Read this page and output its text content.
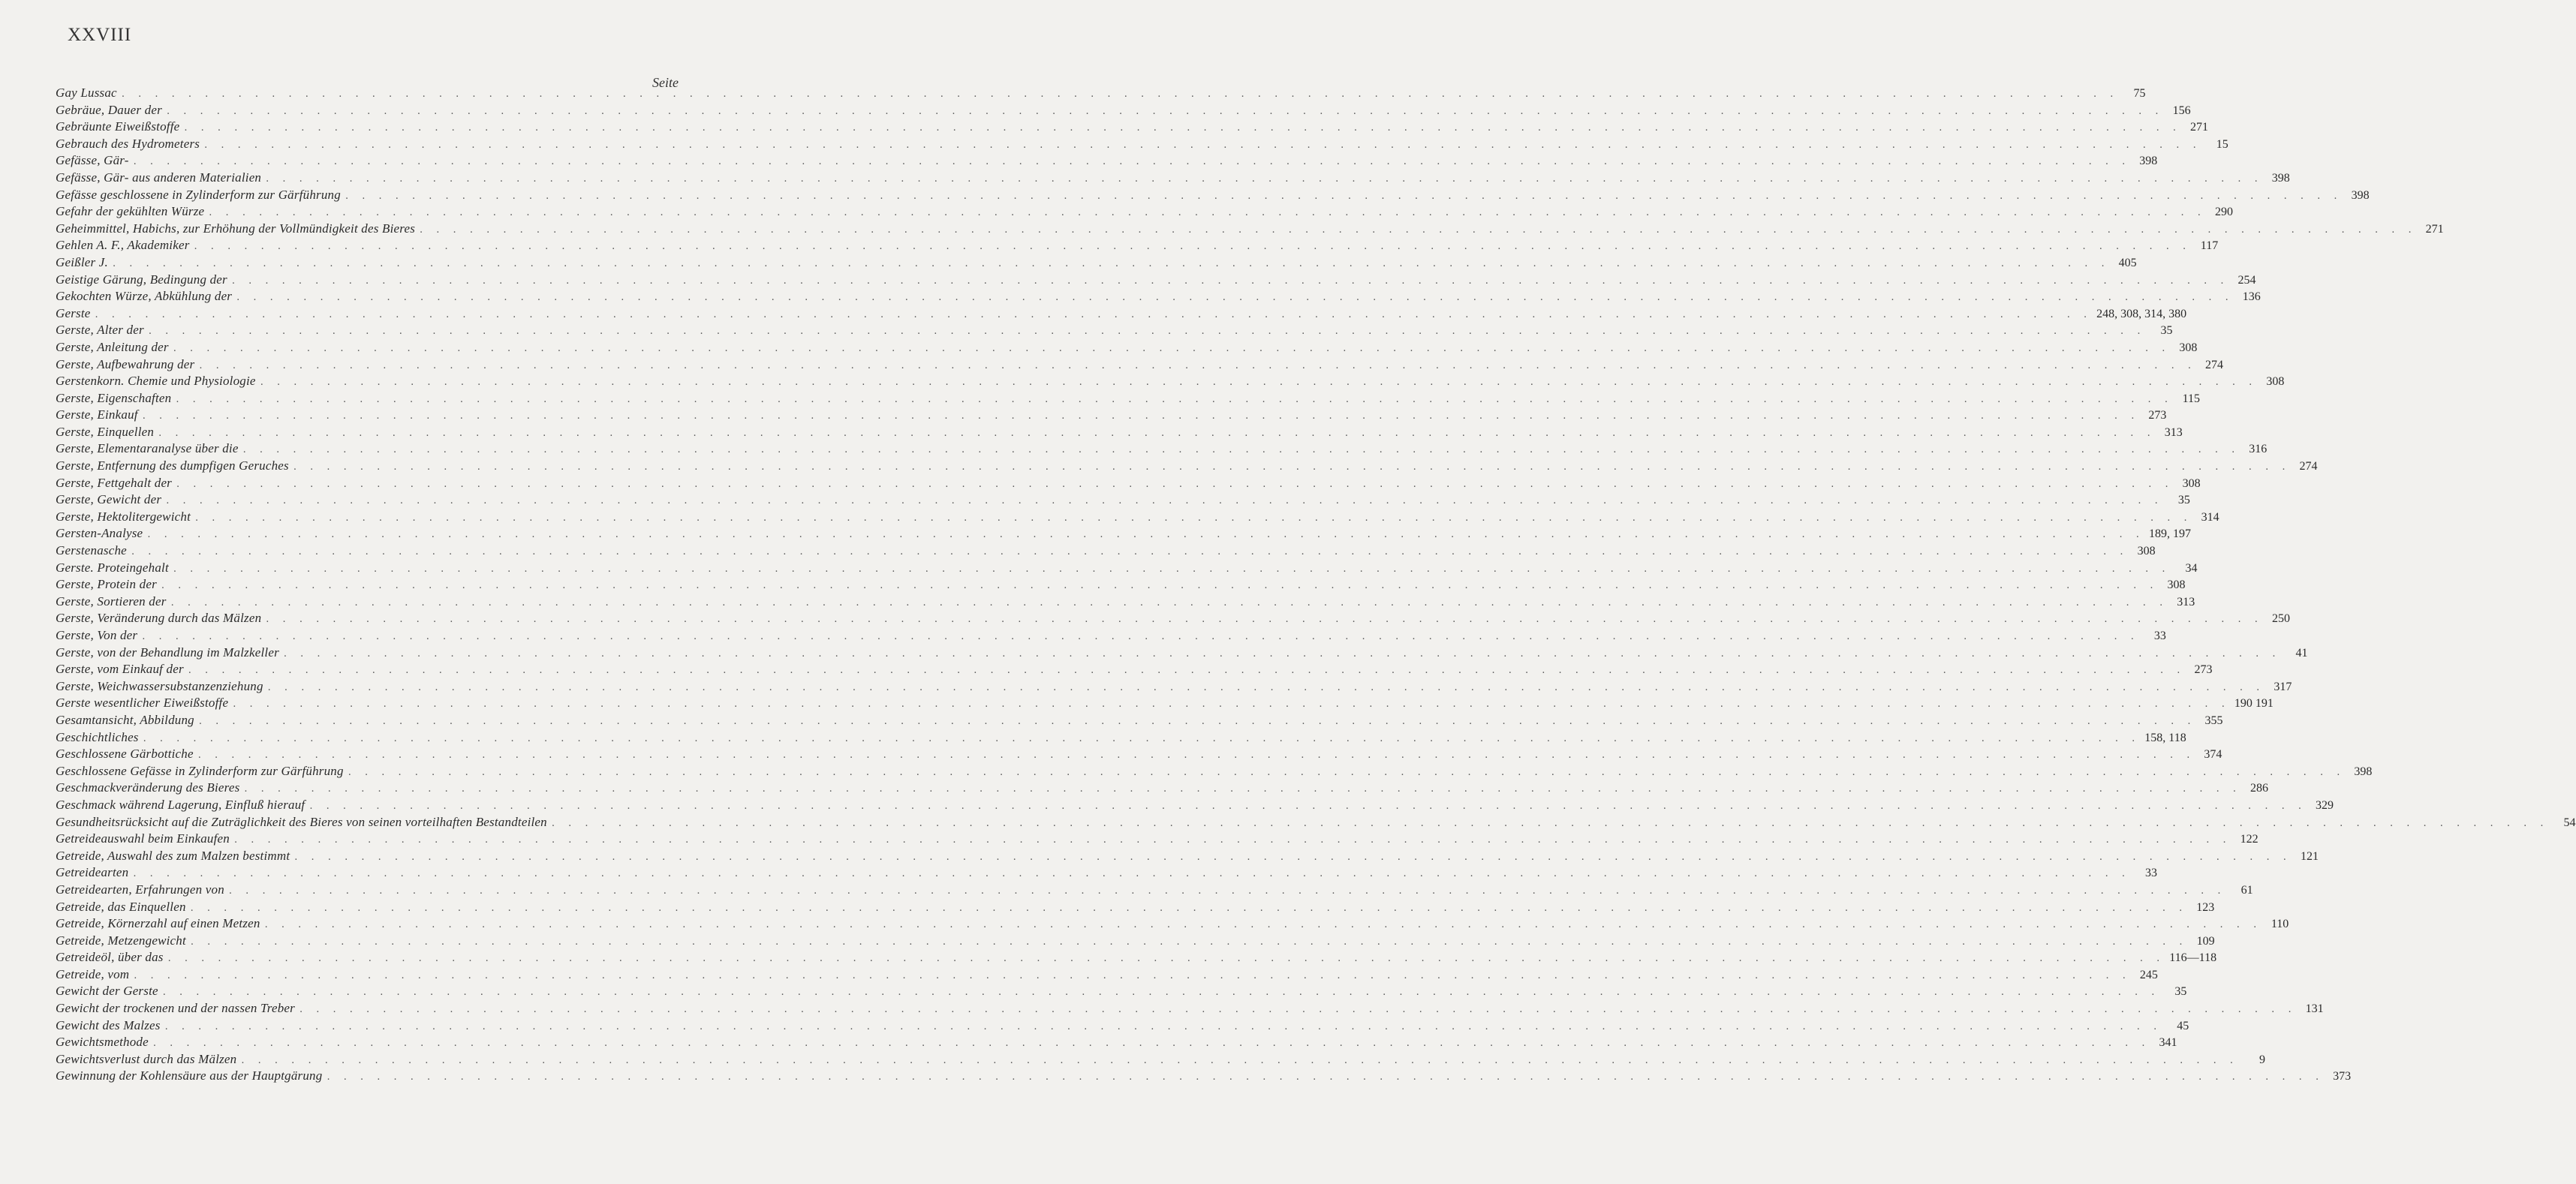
XXVIII
Seite
Gay Lussac . . . . . . . . . . . . . . . . . . . . . . . . . . . . . . . . . . . . . . . . . . . . . . . . . . . . . . . . . . . . . . . . . . . . . . . . . . . . . . . . . . . . . . . . . . . . . . . . . . . . . . . . . . . . . . . . . . . . . . . .	75
Gebräue, Dauer der . . . . . . . . . . . . . . . . . . . . . . . . . . . . . . . . . . . . . . . . . . . . . . . . . . . . . . . . . . . . . . . . . . . . . . . . . . . . . . . . . . . . . . . . . . . . . . . . . . . . . . . . . . . . . . . . . . . . . . . . 156
Gebräunte Eiweißstoffe . . . . . . . . . . . . . . . . . . . . . . . . . . . . . . . . . . . . . . . . . . . . . . . . . . . . . . . . . . . . . . . . . . . . . . . . . . . . . . . . . . . . . . . . . . . . . . . . . . . . . . . . . . . . . . . . . . . . . . . . 271
Gebrauch des Hydrometers . . . . . . . . . . . . . . . . . . . . . . . . . . . . . . . . . . . . . . . . . . . . . . . . . . . . . . . . . . . . . . . . . . . . . . . . . . . . . . . . . . . . . . . . . . . . . . . . . . . . . . . . . . . . . . . . . . . . . . . .	15
Gefässe, Gär- . . . . . . . . . . . . . . . . . . . . . . . . . . . . . . . . . . . . . . . . . . . . . . . . . . . . . . . . . . . . . . . . . . . . . . . . . . . . . . . . . . . . . . . . . . . . . . . . . . . . . . . . . . . . . . . . . . . . . . . . 398
Gefässe, Gär- aus anderen Materialien . . . . . . . . . . . . . . . . . . . . . . . . . . . . . . . . . . . . . . . . . . . . . . . . . . . . . . . . . . . . . . . . . . . . . . . . . . . . . . . . . . . . . . . . . . . . . . . . . . . . . . . . . . . . . . . . . . . . . . . . 398
Gefässe geschlossene in Zylinderform zur Gärführung . . . . . . . . . . . . . . . . . . . . . . . . . . . . . . . . . . . . . . . . . . . . . . . . . . . . . . . . . . . . . . . . . . . . . . . . . . . . . . . . . . . . . . . . . . . . . . . . . . . . . . . . . . . . . . . . . . . . . . . . 398
Gefahr der gekühlten Würze . . . . . . . . . . . . . . . . . . . . . . . . . . . . . . . . . . . . . . . . . . . . . . . . . . . . . . . . . . . . . . . . . . . . . . . . . . . . . . . . . . . . . . . . . . . . . . . . . . . . . . . . . . . . . . . . . . . . . . . . 290
Geheimmittel, Habichs, zur Erhöhung der Vollmündigkeit des Bieres . . . . . . . . . . . . . . . . . . . . . . . . . . . . . . . . . . . . . . . . . . . . . . . . . . . . . . . . . . . . . . . . . . . . . . . . . . . . . . . . . . . . . . . . . . . . . . . . . . . . . . . . . . . . . . . . . . . . . . . . 271
Gehlen A. F., Akademiker . . . . . . . . . . . . . . . . . . . . . . . . . . . . . . . . . . . . . . . . . . . . . . . . . . . . . . . . . . . . . . . . . . . . . . . . . . . . . . . . . . . . . . . . . . . . . . . . . . . . . . . . . . . . . . . . . . . . . . . . 117
Geißler J. . . . . . . . . . . . . . . . . . . . . . . . . . . . . . . . . . . . . . . . . . . . . . . . . . . . . . . . . . . . . . . . . . . . . . . . . . . . . . . . . . . . . . . . . . . . . . . . . . . . . . . . . . . . . . . . . . . . . . . . . 405
Geistige Gärung, Bedingung der . . . . . . . . . . . . . . . . . . . . . . . . . . . . . . . . . . . . . . . . . . . . . . . . . . . . . . . . . . . . . . . . . . . . . . . . . . . . . . . . . . . . . . . . . . . . . . . . . . . . . . . . . . . . . . . . . . . . . . . . 254
Gekochten Würze, Abkühlung der . . . . . . . . . . . . . . . . . . . . . . . . . . . . . . . . . . . . . . . . . . . . . . . . . . . . . . . . . . . . . . . . . . . . . . . . . . . . . . . . . . . . . . . . . . . . . . . . . . . . . . . . . . . . . . . . . . . . . . . . 136
Gerste . . . . . . . . . . . . . . . . . . . . . . . . . . . . . . . . . . . . . . . . . . . . . . . . . . . . . . . . . . . . . . . . . . . . . . . . . . . . . . . . . . . . . . . . . . . . . . . . . . . . . . . . . . . . . . . . . . . . . . . . 248, 308, 314, 380
Gerste, Alter der . . . . . . . . . . . . . . . . . . . . . . . . . . . . . . . . . . . . . . . . . . . . . . . . . . . . . . . . . . . . . . . . . . . . . . . . . . . . . . . . . . . . . . . . . . . . . . . . . . . . . . . . . . . . . . . . . . . . . . . .	35
Gerste, Anleitung der . . . . . . . . . . . . . . . . . . . . . . . . . . . . . . . . . . . . . . . . . . . . . . . . . . . . . . . . . . . . . . . . . . . . . . . . . . . . . . . . . . . . . . . . . . . . . . . . . . . . . . . . . . . . . . . . . . . . . . . . 308
Gerste, Aufbewahrung der . . . . . . . . . . . . . . . . . . . . . . . . . . . . . . . . . . . . . . . . . . . . . . . . . . . . . . . . . . . . . . . . . . . . . . . . . . . . . . . . . . . . . . . . . . . . . . . . . . . . . . . . . . . . . . . . . . . . . . . . 274
Gerstenkorn. Chemie und Physiologie . . . . . . . . . . . . . . . . . . . . . . . . . . . . . . . . . . . . . . . . . . . . . . . . . . . . . . . . . . . . . . . . . . . . . . . . . . . . . . . . . . . . . . . . . . . . . . . . . . . . . . . . . . . . . . . . . . . . . . . . 308
Gerste, Eigenschaften . . . . . . . . . . . . . . . . . . . . . . . . . . . . . . . . . . . . . . . . . . . . . . . . . . . . . . . . . . . . . . . . . . . . . . . . . . . . . . . . . . . . . . . . . . . . . . . . . . . . . . . . . . . . . . . . . . . . . . . . 115
Gerste, Einkauf . . . . . . . . . . . . . . . . . . . . . . . . . . . . . . . . . . . . . . . . . . . . . . . . . . . . . . . . . . . . . . . . . . . . . . . . . . . . . . . . . . . . . . . . . . . . . . . . . . . . . . . . . . . . . . . . . . . . . . . . 273
Gerste, Einquellen . . . . . . . . . . . . . . . . . . . . . . . . . . . . . . . . . . . . . . . . . . . . . . . . . . . . . . . . . . . . . . . . . . . . . . . . . . . . . . . . . . . . . . . . . . . . . . . . . . . . . . . . . . . . . . . . . . . . . . . . 313
Gerste, Elementaranalyse über die . . . . . . . . . . . . . . . . . . . . . . . . . . . . . . . . . . . . . . . . . . . . . . . . . . . . . . . . . . . . . . . . . . . . . . . . . . . . . . . . . . . . . . . . . . . . . . . . . . . . . . . . . . . . . . . . . . . . . . . . 316
Gerste, Entfernung des dumpfigen Geruches . . . . . . . . . . . . . . . . . . . . . . . . . . . . . . . . . . . . . . . . . . . . . . . . . . . . . . . . . . . . . . . . . . . . . . . . . . . . . . . . . . . . . . . . . . . . . . . . . . . . . . . . . . . . . . . . . . . . . . . . 274
Gerste, Fettgehalt der . . . . . . . . . . . . . . . . . . . . . . . . . . . . . . . . . . . . . . . . . . . . . . . . . . . . . . . . . . . . . . . . . . . . . . . . . . . . . . . . . . . . . . . . . . . . . . . . . . . . . . . . . . . . . . . . . . . . . . . . 308
Gerste, Gewicht der . . . . . . . . . . . . . . . . . . . . . . . . . . . . . . . . . . . . . . . . . . . . . . . . . . . . . . . . . . . . . . . . . . . . . . . . . . . . . . . . . . . . . . . . . . . . . . . . . . . . . . . . . . . . . . . . . . . . . . . .	35
Gerste, Hektolitergewicht . . . . . . . . . . . . . . . . . . . . . . . . . . . . . . . . . . . . . . . . . . . . . . . . . . . . . . . . . . . . . . . . . . . . . . . . . . . . . . . . . . . . . . . . . . . . . . . . . . . . . . . . . . . . . . . . . . . . . . . . 314
Gersten-Analyse . . . . . . . . . . . . . . . . . . . . . . . . . . . . . . . . . . . . . . . . . . . . . . . . . . . . . . . . . . . . . . . . . . . . . . . . . . . . . . . . . . . . . . . . . . . . . . . . . . . . . . . . . . . . . . . . . . . . . . . . 189, 197
Gerstenasche . . . . . . . . . . . . . . . . . . . . . . . . . . . . . . . . . . . . . . . . . . . . . . . . . . . . . . . . . . . . . . . . . . . . . . . . . . . . . . . . . . . . . . . . . . . . . . . . . . . . . . . . . . . . . . . . . . . . . . . . 308
Gerste. Proteingehalt . . . . . . . . . . . . . . . . . . . . . . . . . . . . . . . . . . . . . . . . . . . . . . . . . . . . . . . . . . . . . . . . . . . . . . . . . . . . . . . . . . . . . . . . . . . . . . . . . . . . . . . . . . . . . . . . . . . . . . . .	34
Gerste, Protein der . . . . . . . . . . . . . . . . . . . . . . . . . . . . . . . . . . . . . . . . . . . . . . . . . . . . . . . . . . . . . . . . . . . . . . . . . . . . . . . . . . . . . . . . . . . . . . . . . . . . . . . . . . . . . . . . . . . . . . . . 308
Gerste, Sortieren der . . . . . . . . . . . . . . . . . . . . . . . . . . . . . . . . . . . . . . . . . . . . . . . . . . . . . . . . . . . . . . . . . . . . . . . . . . . . . . . . . . . . . . . . . . . . . . . . . . . . . . . . . . . . . . . . . . . . . . . . 313
Gerste, Veränderung durch das Mälzen . . . . . . . . . . . . . . . . . . . . . . . . . . . . . . . . . . . . . . . . . . . . . . . . . . . . . . . . . . . . . . . . . . . . . . . . . . . . . . . . . . . . . . . . . . . . . . . . . . . . . . . . . . . . . . . . . . . . . . . . 250
Gerste, Von der . . . . . . . . . . . . . . . . . . . . . . . . . . . . . . . . . . . . . . . . . . . . . . . . . . . . . . . . . . . . . . . . . . . . . . . . . . . . . . . . . . . . . . . . . . . . . . . . . . . . . . . . . . . . . . . . . . . . . . . .	33
Gerste, von der Behandlung im Malzkeller . . . . . . . . . . . . . . . . . . . . . . . . . . . . . . . . . . . . . . . . . . . . . . . . . . . . . . . . . . . . . . . . . . . . . . . . . . . . . . . . . . . . . . . . . . . . . . . . . . . . . . . . . . . . . . . . . . . . . . . .	41
Gerste, vom Einkauf der . . . . . . . . . . . . . . . . . . . . . . . . . . . . . . . . . . . . . . . . . . . . . . . . . . . . . . . . . . . . . . . . . . . . . . . . . . . . . . . . . . . . . . . . . . . . . . . . . . . . . . . . . . . . . . . . . . . . . . . . 273
Gerste, Weichwassersubstanzenziehung . . . . . . . . . . . . . . . . . . . . . . . . . . . . . . . . . . . . . . . . . . . . . . . . . . . . . . . . . . . . . . . . . . . . . . . . . . . . . . . . . . . . . . . . . . . . . . . . . . . . . . . . . . . . . . . . . . . . . . . . 317
Gerste wesentlicher Eiweißstoffe . . . . . . . . . . . . . . . . . . . . . . . . . . . . . . . . . . . . . . . . . . . . . . . . . . . . . . . . . . . . . . . . . . . . . . . . . . . . . . . . . . . . . . . . . . . . . . . . . . . . . . . . . . . . . . . . . . . . . . . . 190 191
Gesamtansicht, Abbildung . . . . . . . . . . . . . . . . . . . . . . . . . . . . . . . . . . . . . . . . . . . . . . . . . . . . . . . . . . . . . . . . . . . . . . . . . . . . . . . . . . . . . . . . . . . . . . . . . . . . . . . . . . . . . . . . . . . . . . . . 355
Geschichtliches . . . . . . . . . . . . . . . . . . . . . . . . . . . . . . . . . . . . . . . . . . . . . . . . . . . . . . . . . . . . . . . . . . . . . . . . . . . . . . . . . . . . . . . . . . . . . . . . . . . . . . . . . . . . . . . . . . . . . . . . 158, 118
Geschlossene Gärbottiche . . . . . . . . . . . . . . . . . . . . . . . . . . . . . . . . . . . . . . . . . . . . . . . . . . . . . . . . . . . . . . . . . . . . . . . . . . . . . . . . . . . . . . . . . . . . . . . . . . . . . . . . . . . . . . . . . . . . . . . . 374
Geschlossene Gefässe in Zylinderform zur Gärführung . . . . . . . . . . . . . . . . . . . . . . . . . . . . . . . . . . . . . . . . . . . . . . . . . . . . . . . . . . . . . . . . . . . . . . . . . . . . . . . . . . . . . . . . . . . . . . . . . . . . . . . . . . . . . . . . . . . . . . . . 398
Geschmackveränderung des Bieres . . . . . . . . . . . . . . . . . . . . . . . . . . . . . . . . . . . . . . . . . . . . . . . . . . . . . . . . . . . . . . . . . . . . . . . . . . . . . . . . . . . . . . . . . . . . . . . . . . . . . . . . . . . . . . . . . . . . . . . . 286
Geschmack während Lagerung, Einfluß hierauf . . . . . . . . . . . . . . . . . . . . . . . . . . . . . . . . . . . . . . . . . . . . . . . . . . . . . . . . . . . . . . . . . . . . . . . . . . . . . . . . . . . . . . . . . . . . . . . . . . . . . . . . . . . . . . . . . . . . . . . . 329
Gesundheitsrücksicht auf die Zuträglichkeit des Bieres von seinen vorteilhaften Bestandteilen . . . . . . . . . . . . . . . . . . . . . . . . . . . . . . . . . . . . . . . . . . . . . . . . . . . . . . . . . . . . . . . . . . . . . . . . . . . . . . . . . . . . . . . . . . . . . . . . . . . . . . . . . . . . . . . . . . . . . . . .	54
Getreideauswahl beim Einkaufen . . . . . . . . . . . . . . . . . . . . . . . . . . . . . . . . . . . . . . . . . . . . . . . . . . . . . . . . . . . . . . . . . . . . . . . . . . . . . . . . . . . . . . . . . . . . . . . . . . . . . . . . . . . . . . . . . . . . . . . . 122
Getreide, Auswahl des zum Malzen bestimmt . . . . . . . . . . . . . . . . . . . . . . . . . . . . . . . . . . . . . . . . . . . . . . . . . . . . . . . . . . . . . . . . . . . . . . . . . . . . . . . . . . . . . . . . . . . . . . . . . . . . . . . . . . . . . . . . . . . . . . . . 121
Getreidearten . . . . . . . . . . . . . . . . . . . . . . . . . . . . . . . . . . . . . . . . . . . . . . . . . . . . . . . . . . . . . . . . . . . . . . . . . . . . . . . . . . . . . . . . . . . . . . . . . . . . . . . . . . . . . . . . . . . . . . . .	33
Getreidearten, Erfahrungen von . . . . . . . . . . . . . . . . . . . . . . . . . . . . . . . . . . . . . . . . . . . . . . . . . . . . . . . . . . . . . . . . . . . . . . . . . . . . . . . . . . . . . . . . . . . . . . . . . . . . . . . . . . . . . . . . . . . . . . . .	61
Getreide, das Einquellen . . . . . . . . . . . . . . . . . . . . . . . . . . . . . . . . . . . . . . . . . . . . . . . . . . . . . . . . . . . . . . . . . . . . . . . . . . . . . . . . . . . . . . . . . . . . . . . . . . . . . . . . . . . . . . . . . . . . . . . . 123
Getreide, Körnerzahl auf einen Metzen . . . . . . . . . . . . . . . . . . . . . . . . . . . . . . . . . . . . . . . . . . . . . . . . . . . . . . . . . . . . . . . . . . . . . . . . . . . . . . . . . . . . . . . . . . . . . . . . . . . . . . . . . . . . . . . . . . . . . . . . 110
Getreide, Metzengewicht . . . . . . . . . . . . . . . . . . . . . . . . . . . . . . . . . . . . . . . . . . . . . . . . . . . . . . . . . . . . . . . . . . . . . . . . . . . . . . . . . . . . . . . . . . . . . . . . . . . . . . . . . . . . . . . . . . . . . . . . 109
Getreideöl, über das . . . . . . . . . . . . . . . . . . . . . . . . . . . . . . . . . . . . . . . . . . . . . . . . . . . . . . . . . . . . . . . . . . . . . . . . . . . . . . . . . . . . . . . . . . . . . . . . . . . . . . . . . . . . . . . . . . . . . . . . 116—118
Getreide, vom . . . . . . . . . . . . . . . . . . . . . . . . . . . . . . . . . . . . . . . . . . . . . . . . . . . . . . . . . . . . . . . . . . . . . . . . . . . . . . . . . . . . . . . . . . . . . . . . . . . . . . . . . . . . . . . . . . . . . . . . 245
Gewicht der Gerste . . . . . . . . . . . . . . . . . . . . . . . . . . . . . . . . . . . . . . . . . . . . . . . . . . . . . . . . . . . . . . . . . . . . . . . . . . . . . . . . . . . . . . . . . . . . . . . . . . . . . . . . . . . . . . . . . . . . . . . .	35
Gewicht der trockenen und der nassen Treber . . . . . . . . . . . . . . . . . . . . . . . . . . . . . . . . . . . . . . . . . . . . . . . . . . . . . . . . . . . . . . . . . . . . . . . . . . . . . . . . . . . . . . . . . . . . . . . . . . . . . . . . . . . . . . . . . . . . . . . . 131
Gewicht des Malzes . . . . . . . . . . . . . . . . . . . . . . . . . . . . . . . . . . . . . . . . . . . . . . . . . . . . . . . . . . . . . . . . . . . . . . . . . . . . . . . . . . . . . . . . . . . . . . . . . . . . . . . . . . . . . . . . . . . . . . . .	45
Gewichtsmethode . . . . . . . . . . . . . . . . . . . . . . . . . . . . . . . . . . . . . . . . . . . . . . . . . . . . . . . . . . . . . . . . . . . . . . . . . . . . . . . . . . . . . . . . . . . . . . . . . . . . . . . . . . . . . . . . . . . . . . . . 341
Gewichtsverlust durch das Mälzen . . . . . . . . . . . . . . . . . . . . . . . . . . . . . . . . . . . . . . . . . . . . . . . . . . . . . . . . . . . . . . . . . . . . . . . . . . . . . . . . . . . . . . . . . . . . . . . . . . . . . . . . . . . . . . . . . . . . . . . .	9
Gewinnung der Kohlensäure aus der Hauptgärung . . . . . . . . . . . . . . . . . . . . . . . . . . . . . . . . . . . . . . . . . . . . . . . . . . . . . . . . . . . . . . . . . . . . . . . . . . . . . . . . . . . . . . . . . . . . . . . . . . . . . . . . . . . . . . . . . . . . . . . . 373
